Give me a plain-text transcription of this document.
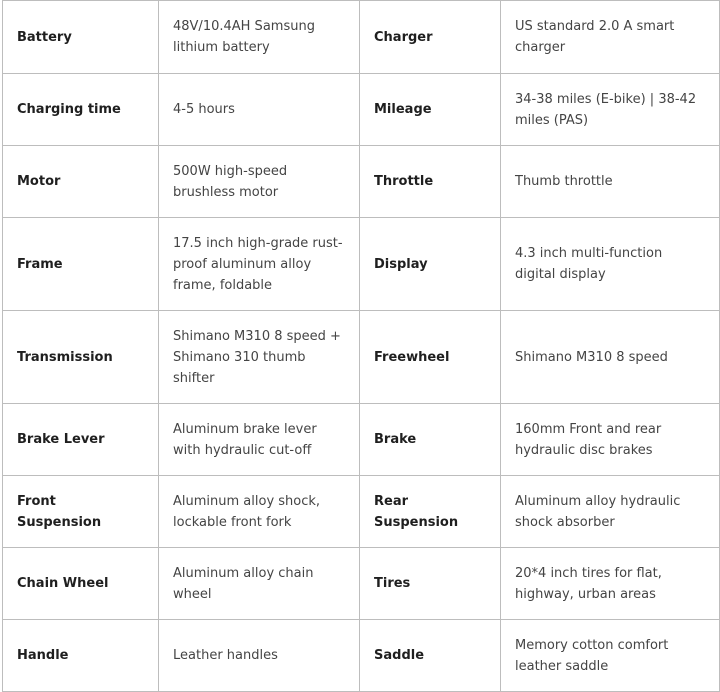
Battery	48V/10.4AH Samsung lithium battery	Charger	US standard 2.0 A smart charger
Charging time	4-5 hours	Mileage	34-38 miles (E-bike) | 38-42 miles (PAS)
Motor	500W high-speed brushless motor	Throttle	Thumb throttle
Frame	17.5 inch high-grade rust-proof aluminum alloy frame, foldable	Display	4.3 inch multi-function digital display
Transmission	Shimano M310 8 speed + Shimano 310 thumb shifter	Freewheel	Shimano M310 8 speed
Brake Lever	Aluminum brake lever with hydraulic cut-off	Brake	160mm Front and rear hydraulic disc brakes
Front Suspension	Aluminum alloy shock, lockable front fork	Rear Suspension	Aluminum alloy hydraulic shock absorber
Chain Wheel	Aluminum alloy chain wheel	Tires	20*4 inch tires for flat, highway, urban areas
Handle	Leather handles	Saddle	Memory cotton comfort leather saddle
